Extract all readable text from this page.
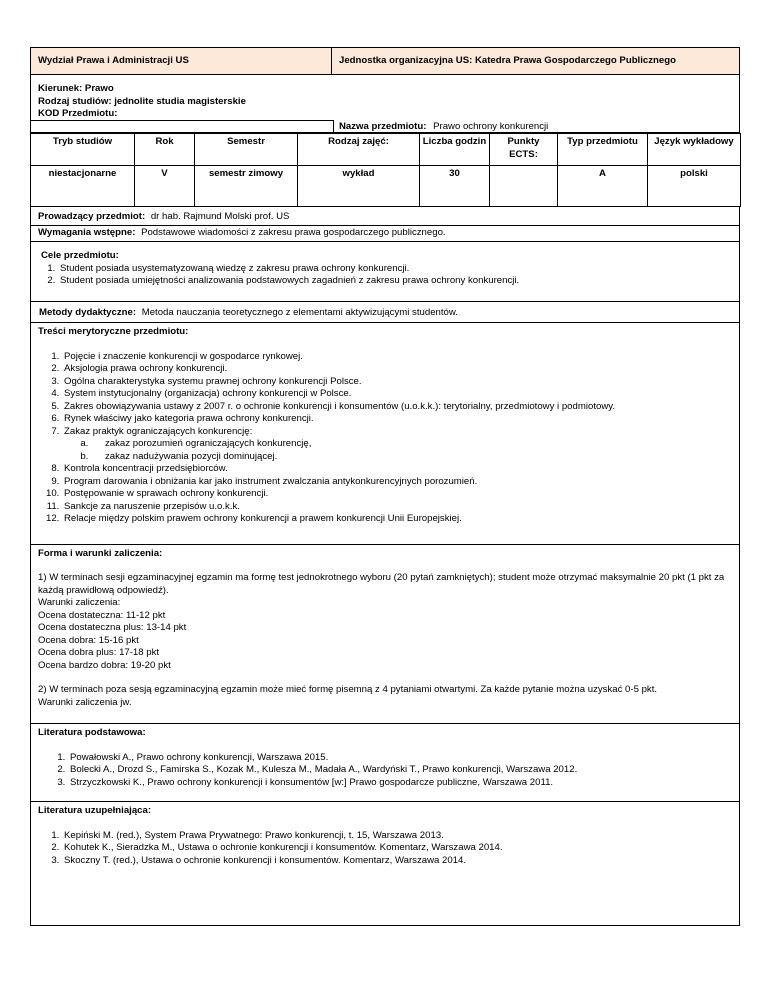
Wydział Prawa i Administracji US	Jednostka organizacyjna US: Katedra Prawa Gospodarczego Publicznego

Kierunek: Prawo

Rodzaj studiów: jednolite studia magisterskie

KOD Przedmiotu:

Nazwa przedmiotu: Prawo ochrony konkurencji
Tryb studiów	Rok	Semestr	Rodzaj zajęć:	Liczba godzin	Punkty ECTS:	Typ przedmiotu	Język wykładowy
niestacjonarne	V	semestr zimowy	wykład	30		A	polski
Prowadzący przedmiot: dr hab. Rajmund Molski prof. US
Wymagania wstępne: Podstawowe wiadomości z zakresu prawa gospodarczego publicznego.

Cele przedmiotu:

1. Student posiada usystematyzowaną wiedzę z zakresu prawa ochrony konkurencji.
2. Student posiada umiejętności analizowania podstawowych zagadnień z zakresu prawa ochrony konkurencji.
Metody dydaktyczne: Metoda nauczania teoretycznego z elementami aktywizującymi studentów.

Treści merytoryczne przedmiotu:

1. Pojęcie i znaczenie konkurencji w gospodarce rynkowej.
2. Aksjologia prawa ochrony konkurencji.
3. Ogólna charakterystyka systemu prawnej ochrony konkurencji Polsce.
4. System instytucjonalny (organizacja) ochrony konkurencji w Polsce.
5. Zakres obowiązywania ustawy z 2007 r. o ochronie konkurencji i konsumentów (u.o.k.k.): terytorialny, przedmiotowy i podmiotowy.
6. Rynek właściwy jako kategoria prawa ochrony konkurencji.
7. Zakaz praktyk ograniczających konkurencję:
a. zakaz porozumień ograniczających konkurencję,
b. zakaz nadużywania pozycji dominującej.
8. Kontrola koncentracji przedsiębiorców.
9. Program darowania i obniżania kar jako instrument zwalczania antykonkurencyjnych porozumień.
10. Postępowanie w sprawach ochrony konkurencji.
11. Sankcje za naruszenie przepisów u.o.k.k.
12. Relacje między polskim prawem ochrony konkurencji a prawem konkurencji Unii Europejskiej.

Forma i warunki zaliczenia:

1) W terminach sesji egzaminacyjnej egzamin ma formę test jednokrotnego wyboru (20 pytań zamkniętych); student może otrzymać maksymalnie 20 pkt (1 pkt za każdą prawidłową odpowiedź).

Warunki zaliczenia:

Ocena dostateczna: 11-12 pkt

Ocena dostateczna plus: 13-14 pkt

Ocena dobra: 15-16 pkt

Ocena dobra plus: 17-18 pkt

Ocena bardzo dobra: 19-20 pkt

2) W terminach poza sesją egzaminacyjną egzamin może mieć formę pisemną z 4 pytaniami otwartymi. Za każde pytanie można uzyskać 0-5 pkt.

Warunki zaliczenia jw.

Literatura podstawowa:

1. Powałowski A., Prawo ochrony konkurencji, Warszawa 2015.
2. Bolecki A., Drozd S., Famirska S., Kozak M., Kulesza M., Madała A., Wardyński T., Prawo konkurencji, Warszawa 2012.
3. Strzyczkowski K., Prawo ochrony konkurencji i konsumentów [w:] Prawo gospodarcze publiczne, Warszawa 2011.

Literatura uzupełniająca:

1. Kepiński M. (red.), System Prawa Prywatnego: Prawo konkurencji, t. 15, Warszawa 2013.
2. Kohutek K., Sieradzka M., Ustawa o ochronie konkurencji i konsumentów. Komentarz, Warszawa 2014.
3. Skoczny T. (red.), Ustawa o ochronie konkurencji i konsumentów. Komentarz, Warszawa 2014.
